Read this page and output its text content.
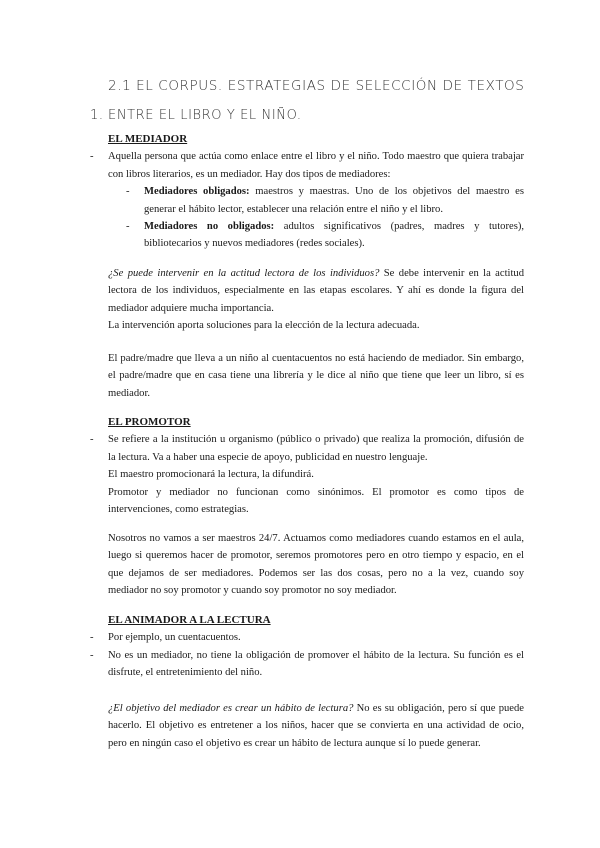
2.1 EL CORPUS. ESTRATEGIAS DE SELECCIÓN DE TEXTOS
1. ENTRE EL LIBRO Y EL NIÑO.

EL MEDIADOR

- Aquella persona que actúa como enlace entre el libro y el niño. Todo maestro que quiera trabajar con libros literarios, es un mediador. Hay dos tipos de mediadores:
- Mediadores obligados: maestros y maestras. Uno de los objetivos del maestro es generar el hábito lector, establecer una relación entre el niño y el libro.
- Mediadores no obligados: adultos significativos (padres, madres y tutores), bibliotecarios y nuevos mediadores (redes sociales).

¿Se puede intervenir en la actitud lectora de los individuos? Se debe intervenir en la actitud lectora de los individuos, especialmente en las etapas escolares. Y ahí es donde la figura del mediador adquiere mucha importancia.

La intervención aporta soluciones para la elección de la lectura adecuada.

El padre/madre que lleva a un niño al cuentacuentos no está haciendo de mediador. Sin embargo, el padre/madre que en casa tiene una librería y le dice al niño que tiene que leer un libro, sí es mediador.

EL PROMOTOR

- Se refiere a la institución u organismo (público o privado) que realiza la promoción, difusión de la lectura. Va a haber una especie de apoyo, publicidad en nuestro lenguaje.

El maestro promocionará la lectura, la difundirá.

Promotor y mediador no funcionan como sinónimos. El promotor es como tipos de intervenciones, como estrategias.

Nosotros no vamos a ser maestros 24/7. Actuamos como mediadores cuando estamos en el aula, luego si queremos hacer de promotor, seremos promotores pero en otro tiempo y espacio, en el que dejamos de ser mediadores. Podemos ser las dos cosas, pero no a la vez, cuando soy mediador no soy promotor y cuando soy promotor no soy mediador.

EL ANIMADOR A LA LECTURA

- Por ejemplo, un cuentacuentos.
- No es un mediador, no tiene la obligación de promover el hábito de la lectura. Su función es el disfrute, el entretenimiento del niño.

¿El objetivo del mediador es crear un hábito de lectura? No es su obligación, pero sí que puede hacerlo. El objetivo es entretener a los niños, hacer que se convierta en una actividad de ocio, pero en ningún caso el objetivo es crear un hábito de lectura aunque sí lo puede generar.
